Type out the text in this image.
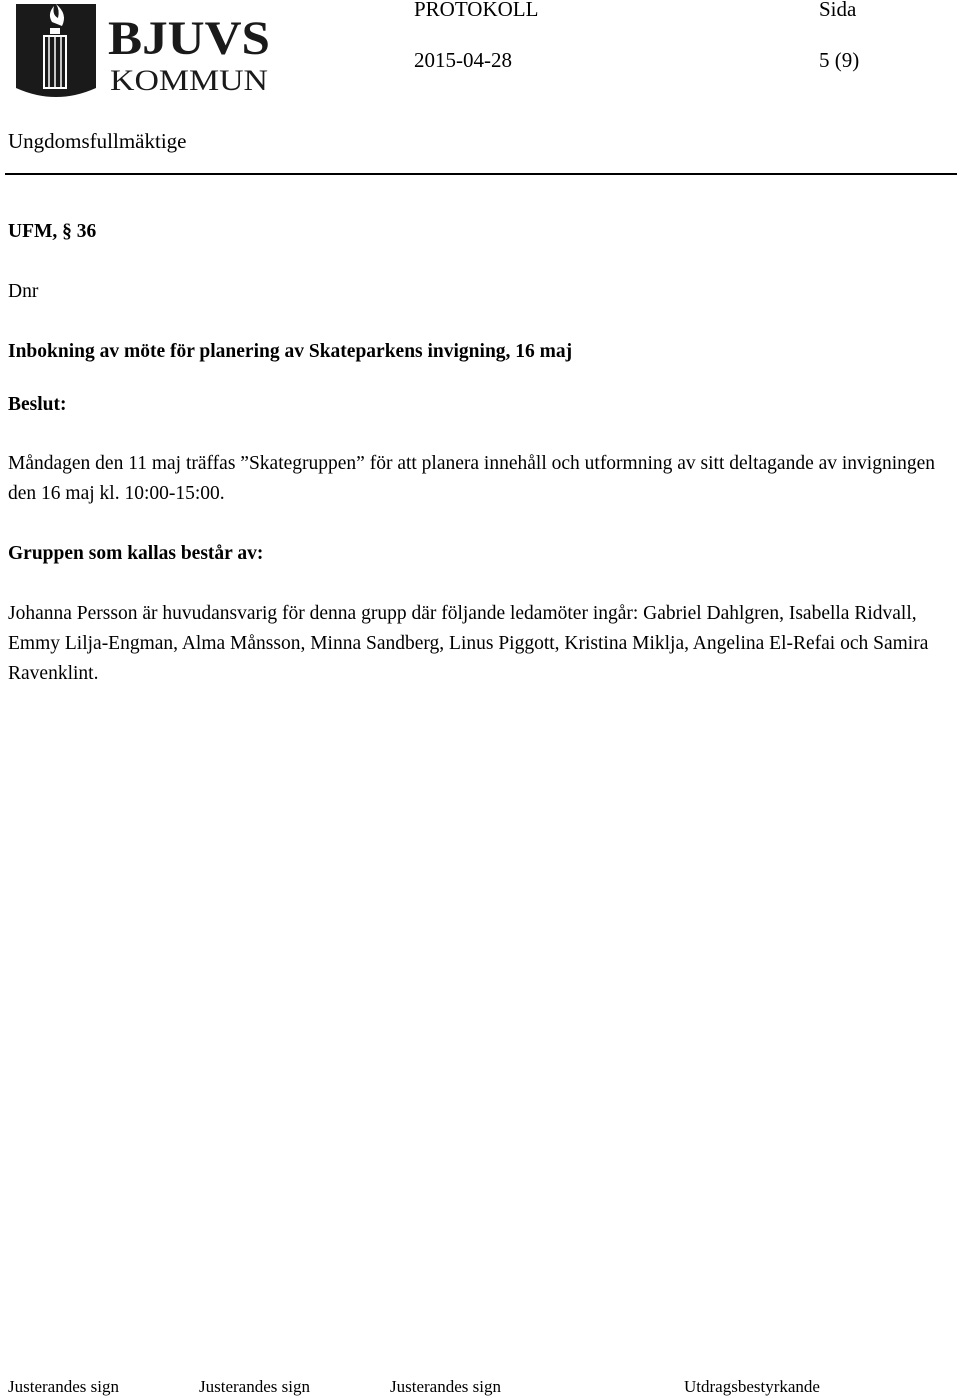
BJUVS
KOMMUN
PROTOKOLL	Sida
2015-04-28	5 (9)
Ungdomsfullmäktige
UFM, § 36
Dnr
Inbokning av möte för planering av Skateparkens invigning, 16 maj
Beslut:
Måndagen den 11 maj träffas ”Skategruppen” för att planera innehåll och utformning av sitt deltagande av invigningen den 16 maj kl. 10:00-15:00.
Gruppen som kallas består av:
Johanna Persson är huvudansvarig för denna grupp där följande ledamöter ingår: Gabriel Dahlgren, Isabella Ridvall, Emmy Lilja-Engman, Alma Månsson, Minna Sandberg, Linus Piggott, Kristina Miklja, Angelina El-Refai och Samira Ravenklint.
Justerandes sign	Justerandes sign	Justerandes sign	Utdragsbestyrkande
